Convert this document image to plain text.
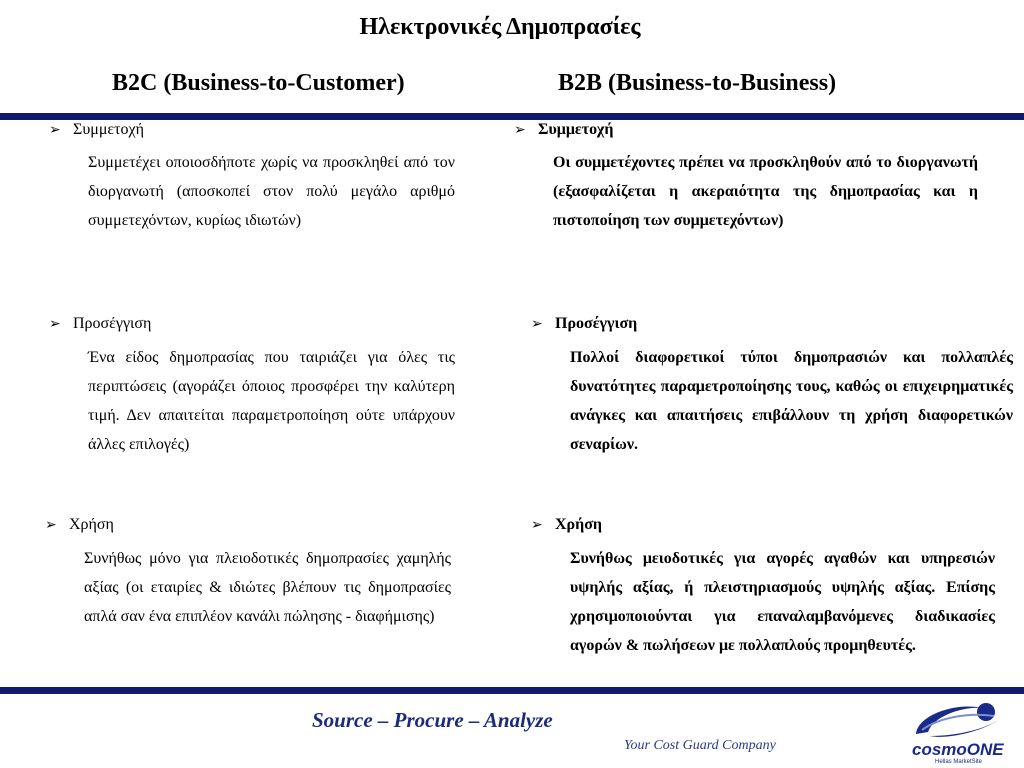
Ηλεκτρονικές Δημοπρασίες
B2C (Business-to-Customer)	B2B (Business-to-Business)
➢ Συμμετοχή
Συμμετέχει οποιοσδήποτε χωρίς να προσκληθεί από τον διοργανωτή (αποσκοπεί στον πολύ μεγάλο αριθμό συμμετεχόντων, κυρίως ιδιωτών)
➢ Προσέγγιση
Ένα είδος δημοπρασίας που ταιριάζει για όλες τις περιπτώσεις (αγοράζει όποιος προσφέρει την καλύτερη τιμή. Δεν απαιτείται παραμετροποίηση ούτε υπάρχουν άλλες επιλογές)
➢ Χρήση
Συνήθως μόνο για πλειοδοτικές δημοπρασίες χαμηλής αξίας (οι εταιρίες & ιδιώτες βλέπουν τις δημοπρασίες απλά σαν ένα επιπλέον κανάλι πώλησης - διαφήμισης)
➢ Συμμετοχή
Οι συμμετέχοντες πρέπει να προσκληθούν από το διοργανωτή (εξασφαλίζεται η ακεραιότητα της δημοπρασίας και η πιστοποίηση των συμμετεχόντων)
➢ Προσέγγιση
Πολλοί διαφορετικοί τύποι δημοπρασιών και πολλαπλές δυνατότητες παραμετροποίησης τους, καθώς οι επιχειρηματικές ανάγκες και απαιτήσεις επιβάλλουν τη χρήση διαφορετικών σεναρίων.
➢ Χρήση
Συνήθως μειοδοτικές για αγορές αγαθών και υπηρεσιών υψηλής αξίας, ή πλειστηριασμούς υψηλής αξίας. Επίσης χρησιμοποιούνται για επαναλαμβανόμενες διαδικασίες αγορών & πωλήσεων με πολλαπλούς προμηθευτές.
Source – Procure – Analyze
Your Cost Guard Company	cosmoONE
Hellas MarketSite
